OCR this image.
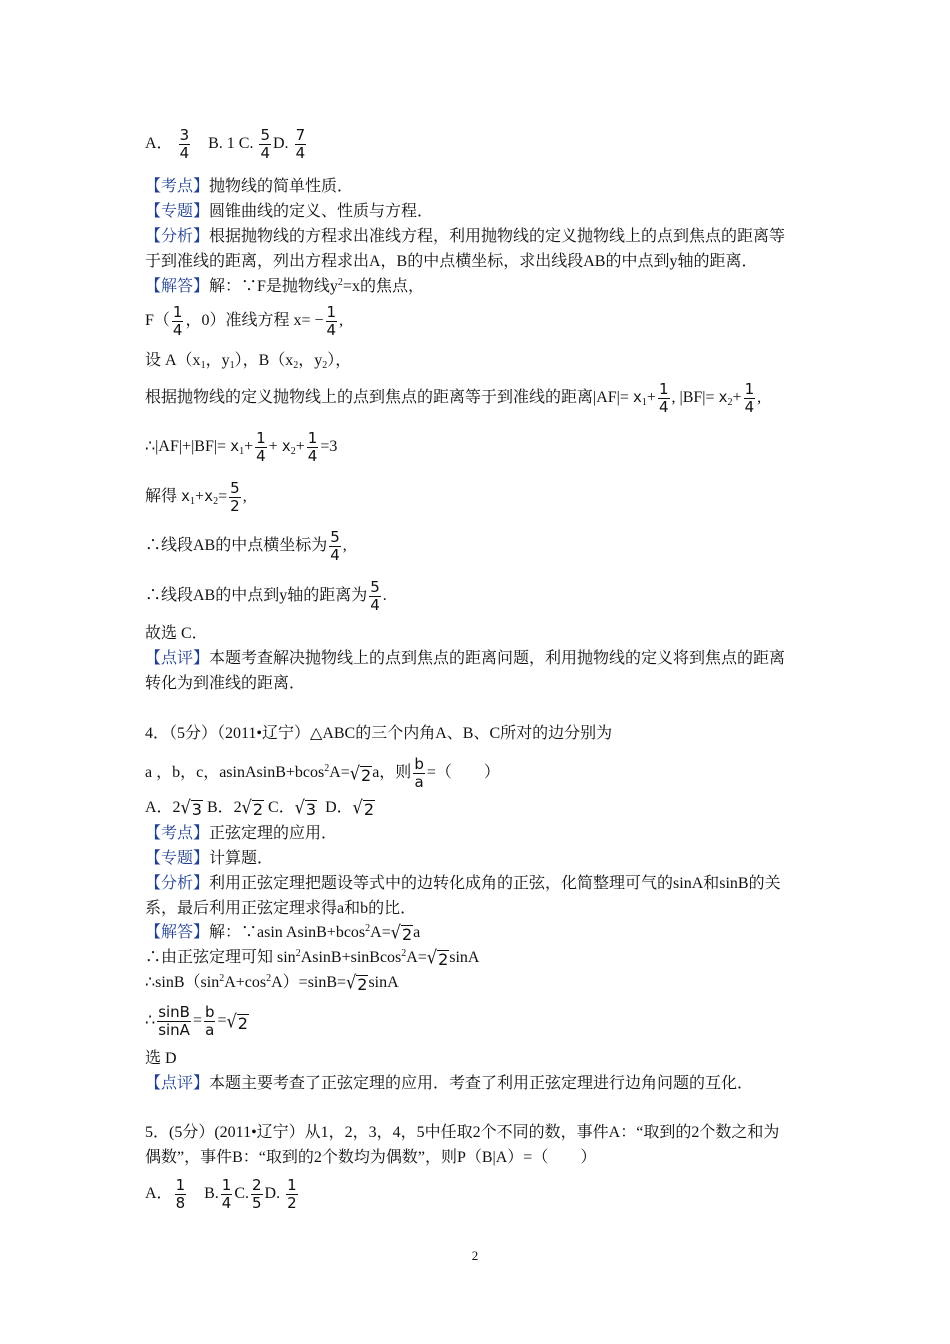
A． $\frac{3}{4} B$. 1 C. $\frac{5}{4} D$. $\frac{7}{4}$
【考点】抛物线的简单性质．
【专题】圆锥曲线的定义、性质与方程．
【分析】根据抛物线的方程求出准线方程，利用抛物线的定义抛物线上的点到焦点的距离等
于到准线的距离，列出方程求出A，B的中点横坐标，求出线段AB的中点到y轴的距离．
【解答】解：∵F是抛物线$y^2=x$的焦点，
$F( \frac{1}{4}$ ，0）准线方程 $x= - \frac{1}{4}$ ,
设 $A(x_1$，$y_1$），$B(x_2$，$y_2$），
根据抛物线的定义抛物线上的点到焦点的距离等于到准线的距离$|AF|= x_1+ \frac{1}{4}$ , $|BF|= x_2+ \frac{1}{4}$ ,
∴|AF|+|BF|= $x_1+ \frac{1}{4} + x_2+ \frac{1}{4} =3$
解得 $x_1+x_2= \frac{5}{2}$ ,
∴线段AB的中点横坐标为 $\frac{5}{4}$ ,
∴线段AB的中点到y轴的距离为 $\frac{5}{4}$ .
故选 C．
【点评】本题考查解决抛物线上的点到焦点的距离问题，利用抛物线的定义将到焦点的距离
转化为到准线的距离．
4．（5分）（2011•辽宁）△ABC的三个内角A、B、C所对的边分别为
a ，b，c，asinAsinB+bcos$^2$A= √ 2 a，则 $\frac{b}{a}$ =（　　）
A．2 √ 3 B．2 √ 2 C． √ 3 D． √ 2
【考点】正弦定理的应用．
【专题】计算题．
【分析】利用正弦定理把题设等式中的边转化成角的正弦，化简整理可气的sinA和sinB的关
系，最后利用正弦定理求得a和b的比．
【解答】解：∵asin AsinB+bcos$^2$A= √ 2 a
∴由正弦定理可知 $\sin^2AsinB+sinBcos^2A=$ √ 2 sinA
$\therefore\sin B(\sin^2A+\cos^2A)=\sin B=$ √ 2 sinA
∴ $\frac{\sin B}{\sin A} = \frac{b}{a}$ = √ 2
选 D
【点评】本题主要考查了正弦定理的应用．考查了利用正弦定理进行边角问题的互化．
5．(5分）(2011•辽宁）从1，2，3，4，5中任取2个不同的数，事件A：“取到的2个数之和为
偶数”，事件B：“取到的2个数均为偶数”，则P（B|A）=（　　）
A． $\frac{1}{8} B$. $\frac{1}{4} C$. $\frac{2}{5} D$. $\frac{1}{2}$
2
